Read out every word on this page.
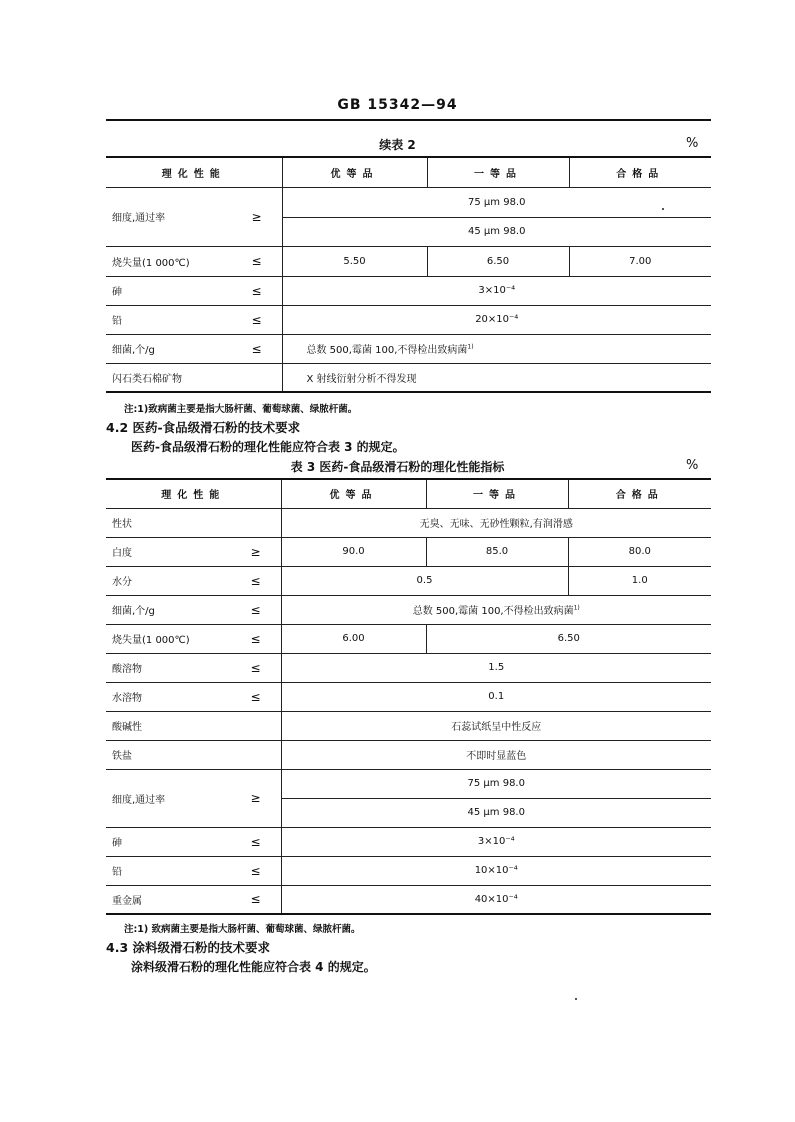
GB 15342—94
续表 2	%
理化性能		优等品	一等品	合格品
细度,通过率	≥	75 μm 98.0		
		45 μm 98.0		
烧失量(1 000℃)	≤	5.50	6.50	7.00
砷	≤	3×10⁻⁴		
铅	≤	20×10⁻⁴		
细菌,个/g	≤	总数 500,霉菌 100,不得检出致病菌$^{1)}$
闪石类石棉矿物		X 射线衍射分析不得发现		
注:1)致病菌主要是指大肠杆菌、葡萄球菌、绿脓杆菌。
4.2 医药-食品级滑石粉的技术要求
医药-食品级滑石粉的理化性能应符合表 3 的规定。
表 3 医药-食品级滑石粉的理化性能指标	%
理化性能		优等品	一等品	合格品
性状		无臭、无味、无砂性颗粒,有润滑感		
白度	≥	90.0	85.0	80.0
水分	≤	0.5		1.0
细菌,个/g	≤	总数 500,霉菌 100,不得检出致病菌$^{1)}$
烧失量(1 000℃)	≤	6.00	6.50	
酸溶物	≤	1.5		
水溶物	≤	0.1		
酸碱性		石蕊试纸呈中性反应		
铁盐		不即时显蓝色		
细度,通过率	≥	75 μm 98.0		
		45 μm 98.0		
砷	≤	3×10⁻⁴		
铅	≤	10×10⁻⁴		
重金属	≤	40×10⁻⁴		
注:1) 致病菌主要是指大肠杆菌、葡萄球菌、绿脓杆菌。
4.3 涂料级滑石粉的技术要求
涂料级滑石粉的理化性能应符合表 4 的规定。
